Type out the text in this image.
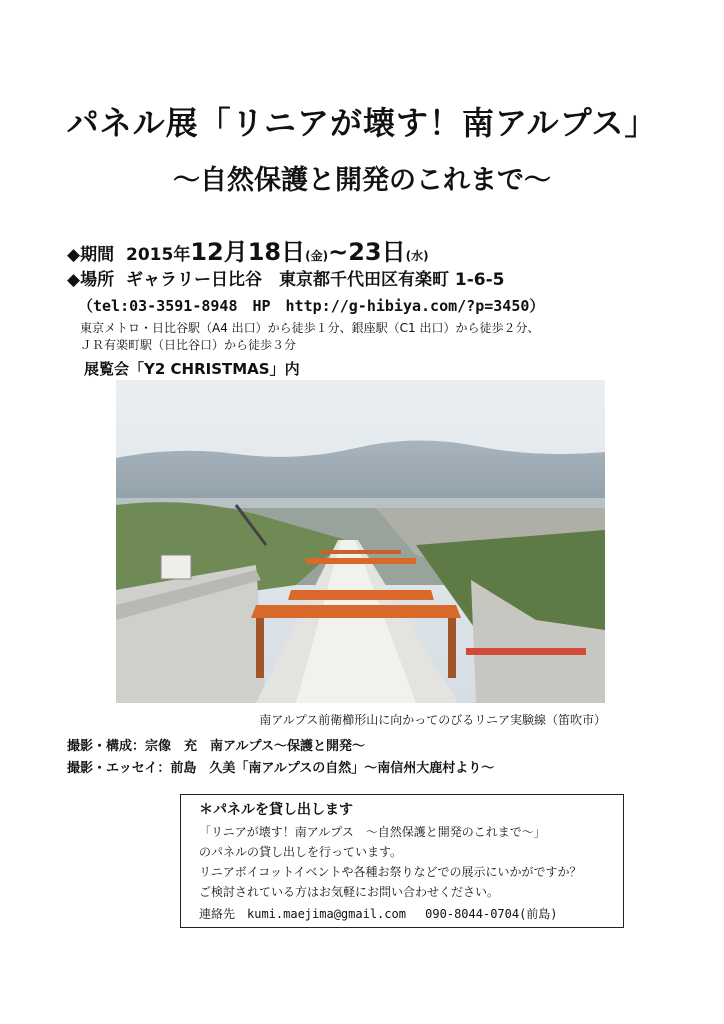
パネル展「リニアが壊す！南アルプス」
～自然保護と開発のこれまで～
◆期間 2015年12月18日(金)~23日(水)
◆場所 ギャラリー日比谷　東京都千代田区有楽町 1-6-5
（tel:03-3591-8948　HP　http://g-hibiya.com/?p=3450）
東京メトロ・日比谷駅（A4 出口）から徒歩１分、銀座駅（C1 出口）から徒歩２分、
ＪＲ有楽町駅（日比谷口）から徒歩３分
展覧会「Y2 CHRISTMAS」内
南アルプス前衛櫛形山に向かってのびるリニア実験線（笛吹市）
撮影・構成：宗像　充　南アルプス～保護と開発～
撮影・エッセイ：前島　久美「南アルプスの自然」～南信州大鹿村より～
＊パネルを貸し出します
「リニアが壊す！南アルプス　～自然保護と開発のこれまで～」
のパネルの貸し出しを行っています。
リニアボイコットイベントや各種お祭りなどでの展示にいかがですか？
ご検討されている方はお気軽にお問い合わせください。
連絡先　kumi.maejima@gmail.com　 090-8044-0704(前島)
